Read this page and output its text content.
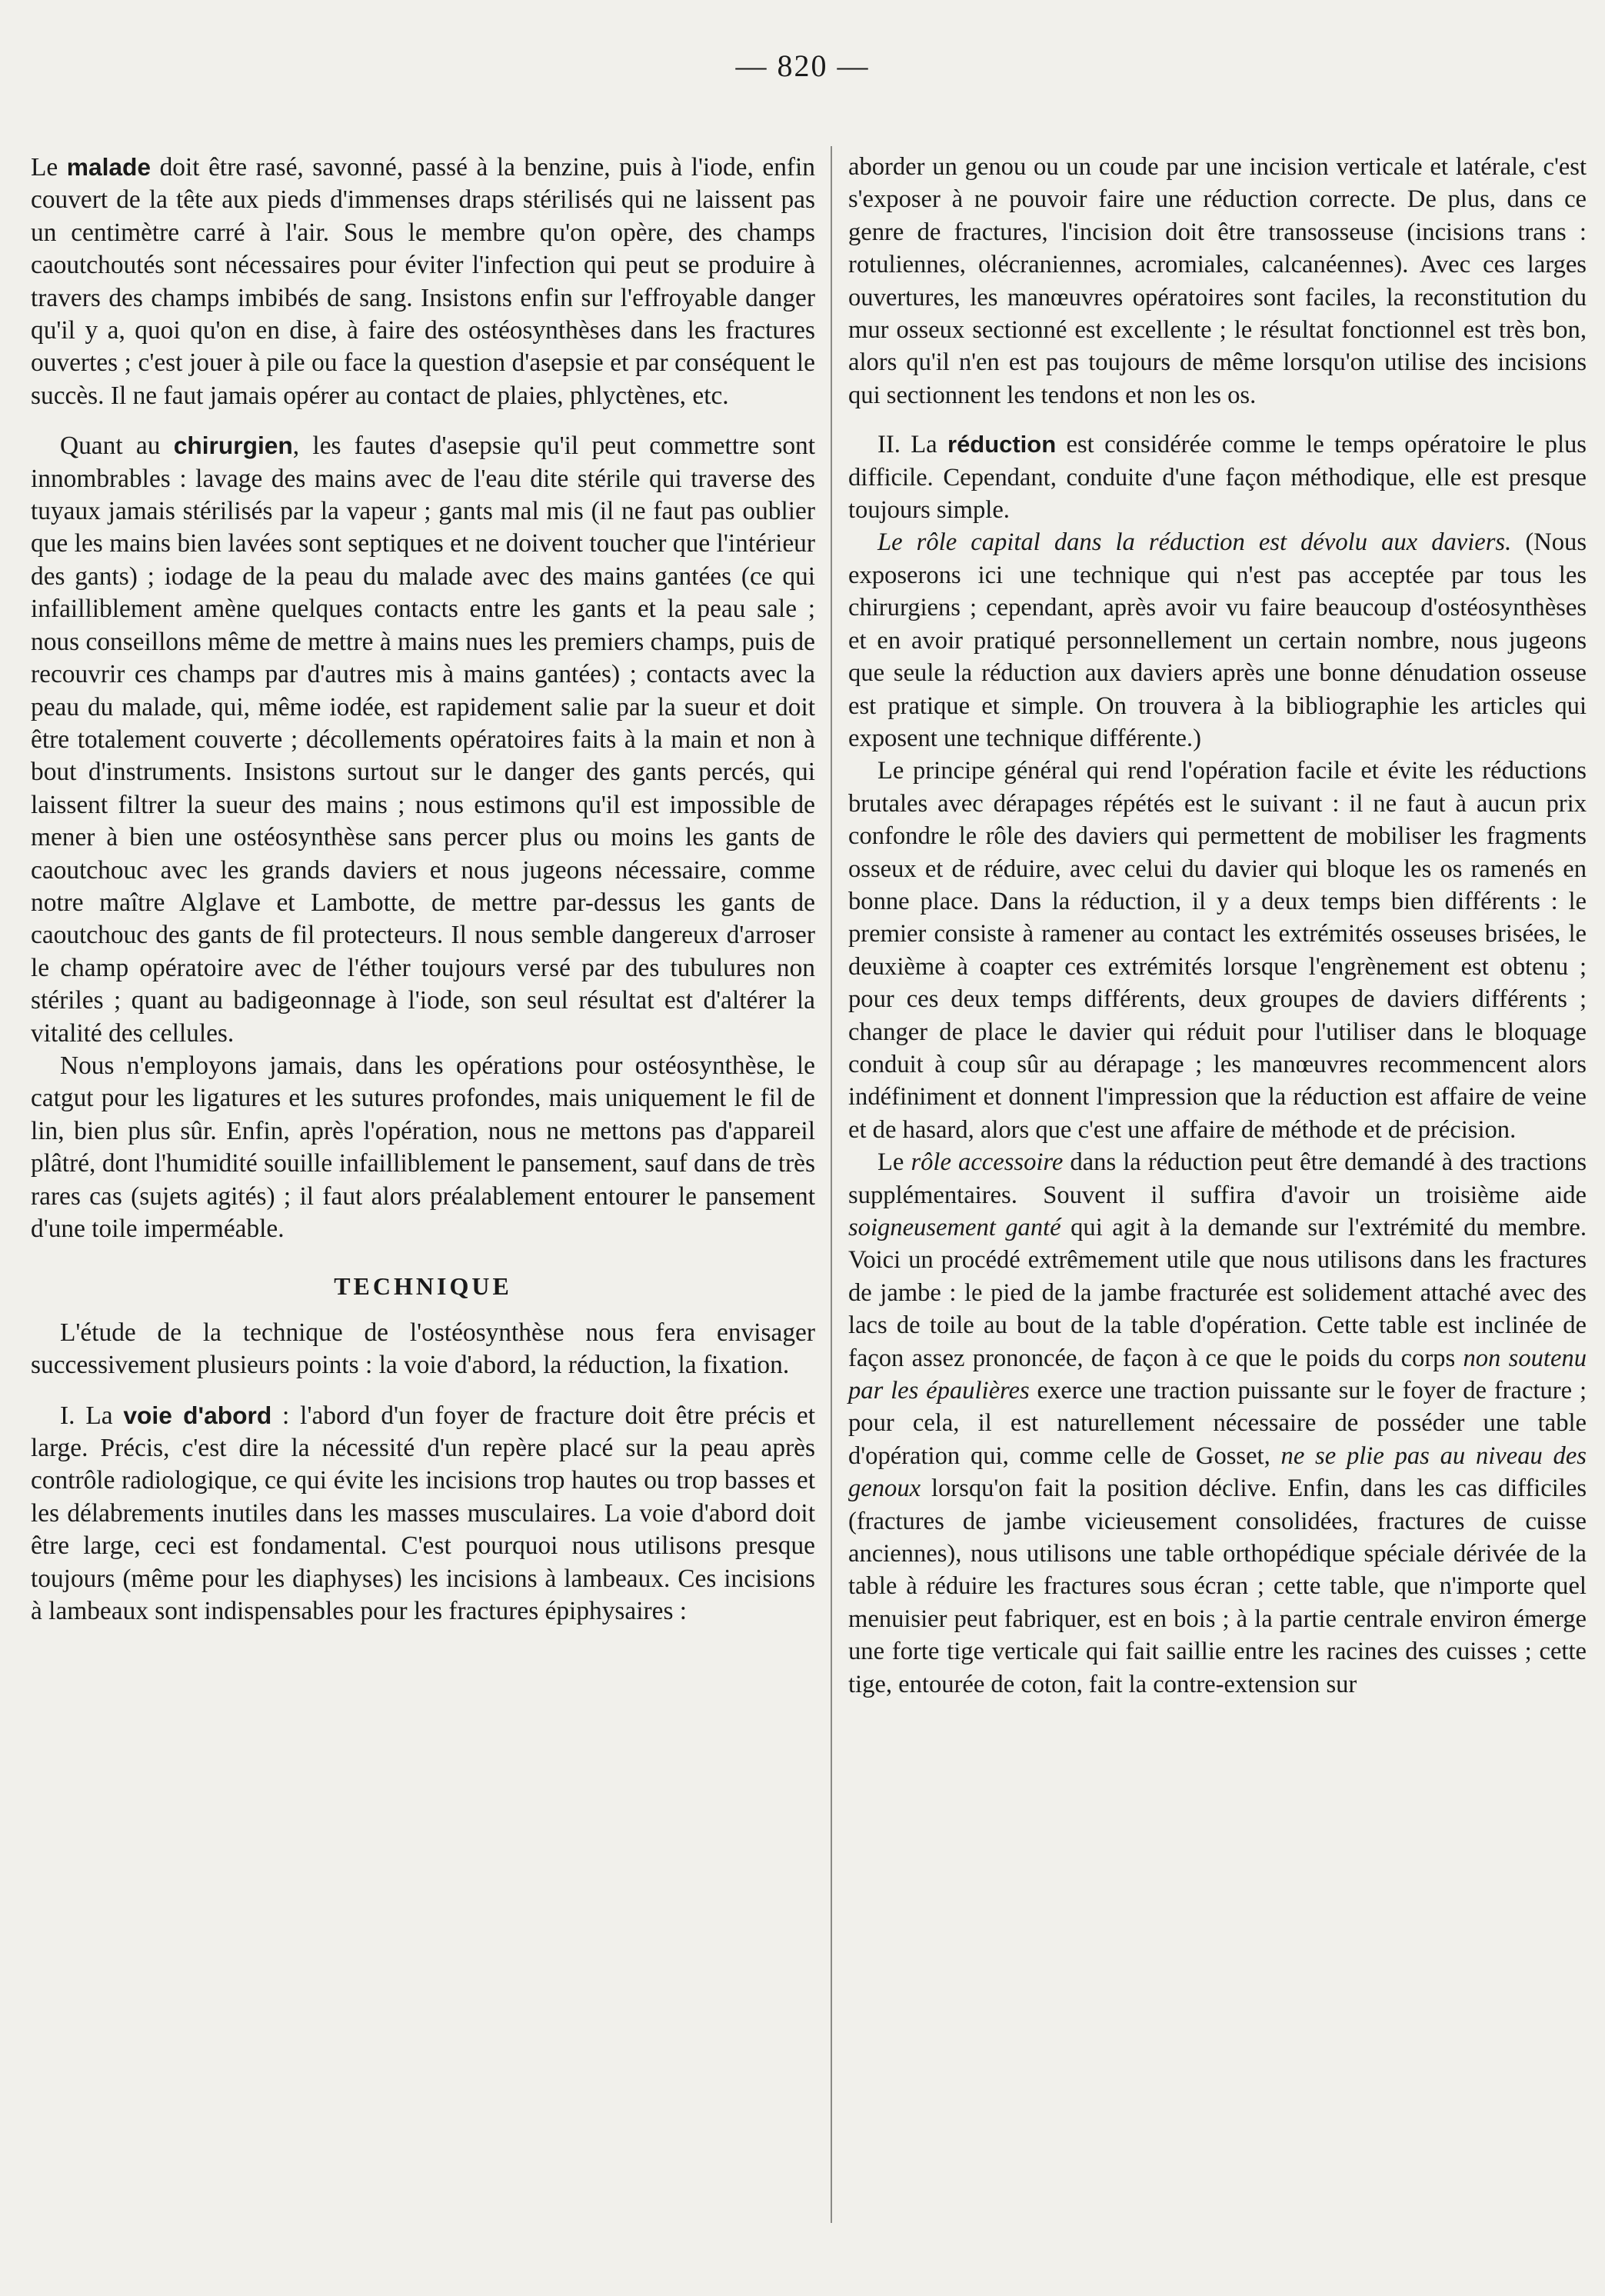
— 820 —

Le malade doit être rasé, savonné, passé à la benzine, puis à l'iode, enfin couvert de la tête aux pieds d'immenses draps stérilisés qui ne laissent pas un centimètre carré à l'air. Sous le membre qu'on opère, des champs caoutchoutés sont nécessaires pour éviter l'infection qui peut se produire à travers des champs imbibés de sang. Insistons enfin sur l'effroyable danger qu'il y a, quoi qu'on en dise, à faire des ostéosynthèses dans les fractures ouvertes ; c'est jouer à pile ou face la question d'asepsie et par conséquent le succès. Il ne faut jamais opérer au contact de plaies, phlyctènes, etc.

Quant au chirurgien, les fautes d'asepsie qu'il peut commettre sont innombrables : lavage des mains avec de l'eau dite stérile qui traverse des tuyaux jamais stérilisés par la vapeur ; gants mal mis (il ne faut pas oublier que les mains bien lavées sont septiques et ne doivent toucher que l'intérieur des gants) ; iodage de la peau du malade avec des mains gantées (ce qui infailliblement amène quelques contacts entre les gants et la peau sale ; nous conseillons même de mettre à mains nues les premiers champs, puis de recouvrir ces champs par d'autres mis à mains gantées) ; contacts avec la peau du malade, qui, même iodée, est rapidement salie par la sueur et doit être totalement couverte ; décollements opératoires faits à la main et non à bout d'instruments. Insistons surtout sur le danger des gants percés, qui laissent filtrer la sueur des mains ; nous estimons qu'il est impossible de mener à bien une ostéosynthèse sans percer plus ou moins les gants de caoutchouc avec les grands daviers et nous jugeons nécessaire, comme notre maître Alglave et Lambotte, de mettre par-dessus les gants de caoutchouc des gants de fil protecteurs. Il nous semble dangereux d'arroser le champ opératoire avec de l'éther toujours versé par des tubulures non stériles ; quant au badigeonnage à l'iode, son seul résultat est d'altérer la vitalité des cellules.

Nous n'employons jamais, dans les opérations pour ostéosynthèse, le catgut pour les ligatures et les sutures profondes, mais uniquement le fil de lin, bien plus sûr. Enfin, après l'opération, nous ne mettons pas d'appareil plâtré, dont l'humidité souille infailliblement le pansement, sauf dans de très rares cas (sujets agités) ; il faut alors préalablement entourer le pansement d'une toile imperméable.

TECHNIQUE

L'étude de la technique de l'ostéosynthèse nous fera envisager successivement plusieurs points : la voie d'abord, la réduction, la fixation.

I. La voie d'abord : l'abord d'un foyer de fracture doit être précis et large. Précis, c'est dire la nécessité d'un repère placé sur la peau après contrôle radiologique, ce qui évite les incisions trop hautes ou trop basses et les délabrements inutiles dans les masses musculaires. La voie d'abord doit être large, ceci est fondamental. C'est pourquoi nous utilisons presque toujours (même pour les diaphyses) les incisions à lambeaux. Ces incisions à lambeaux sont indispensables pour les fractures épiphysaires :

aborder un genou ou un coude par une incision verticale et latérale, c'est s'exposer à ne pouvoir faire une réduction correcte. De plus, dans ce genre de fractures, l'incision doit être transosseuse (incisions trans : rotuliennes, olécraniennes, acromiales, calcanéennes). Avec ces larges ouvertures, les manœuvres opératoires sont faciles, la reconstitution du mur osseux sectionné est excellente ; le résultat fonctionnel est très bon, alors qu'il n'en est pas toujours de même lorsqu'on utilise des incisions qui sectionnent les tendons et non les os.

II. La réduction est considérée comme le temps opératoire le plus difficile. Cependant, conduite d'une façon méthodique, elle est presque toujours simple.

Le rôle capital dans la réduction est dévolu aux daviers. (Nous exposerons ici une technique qui n'est pas acceptée par tous les chirurgiens ; cependant, après avoir vu faire beaucoup d'ostéosynthèses et en avoir pratiqué personnellement un certain nombre, nous jugeons que seule la réduction aux daviers après une bonne dénudation osseuse est pratique et simple. On trouvera à la bibliographie les articles qui exposent une technique différente.)

Le principe général qui rend l'opération facile et évite les réductions brutales avec dérapages répétés est le suivant : il ne faut à aucun prix confondre le rôle des daviers qui permettent de mobiliser les fragments osseux et de réduire, avec celui du davier qui bloque les os ramenés en bonne place. Dans la réduction, il y a deux temps bien différents : le premier consiste à ramener au contact les extrémités osseuses brisées, le deuxième à coapter ces extrémités lorsque l'engrènement est obtenu ; pour ces deux temps différents, deux groupes de daviers différents ; changer de place le davier qui réduit pour l'utiliser dans le bloquage conduit à coup sûr au dérapage ; les manœuvres recommencent alors indéfiniment et donnent l'impression que la réduction est affaire de veine et de hasard, alors que c'est une affaire de méthode et de précision.

Le rôle accessoire dans la réduction peut être demandé à des tractions supplémentaires. Souvent il suffira d'avoir un troisième aide soigneusement ganté qui agit à la demande sur l'extrémité du membre. Voici un procédé extrêmement utile que nous utilisons dans les fractures de jambe : le pied de la jambe fracturée est solidement attaché avec des lacs de toile au bout de la table d'opération. Cette table est inclinée de façon assez prononcée, de façon à ce que le poids du corps non soutenu par les épaulières exerce une traction puissante sur le foyer de fracture ; pour cela, il est naturellement nécessaire de posséder une table d'opération qui, comme celle de Gosset, ne se plie pas au niveau des genoux lorsqu'on fait la position déclive. Enfin, dans les cas difficiles (fractures de jambe vicieusement consolidées, fractures de cuisse anciennes), nous utilisons une table orthopédique spéciale dérivée de la table à réduire les fractures sous écran ; cette table, que n'importe quel menuisier peut fabriquer, est en bois ; à la partie centrale environ émerge une forte tige verticale qui fait saillie entre les racines des cuisses ; cette tige, entourée de coton, fait la contre-extension sur
